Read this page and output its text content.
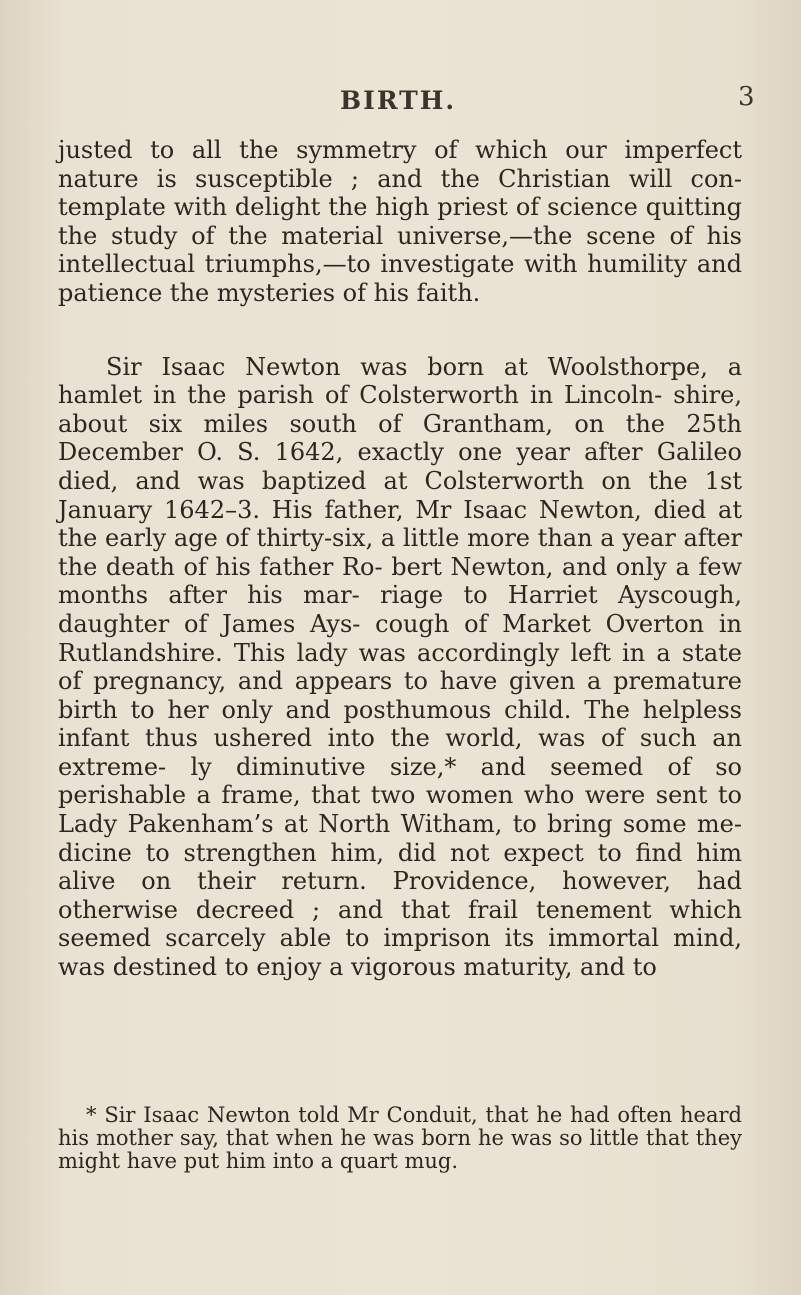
BIRTH.	3

justed to all the symmetry of which our imperfect nature is susceptible ; and the Christian will con- template with delight the high priest of science quitting the study of the material universe,—the scene of his intellectual triumphs,—to investigate with humility and patience the mysteries of his faith.

Sir Isaac Newton was born at Woolsthorpe, a hamlet in the parish of Colsterworth in Lincoln- shire, about six miles south of Grantham, on the 25th December O. S. 1642, exactly one year after Galileo died, and was baptized at Colsterworth on the 1st January 1642–3. His father, Mr Isaac Newton, died at the early age of thirty-six, a little more than a year after the death of his father Ro- bert Newton, and only a few months after his mar- riage to Harriet Ayscough, daughter of James Ays- cough of Market Overton in Rutlandshire. This lady was accordingly left in a state of pregnancy, and appears to have given a premature birth to her only and posthumous child. The helpless infant thus ushered into the world, was of such an extreme- ly diminutive size,* and seemed of so perishable a frame, that two women who were sent to Lady Pakenham’s at North Witham, to bring some me- dicine to strengthen him, did not expect to find him alive on their return. Providence, however, had otherwise decreed ; and that frail tenement which seemed scarcely able to imprison its immortal mind, was destined to enjoy a vigorous maturity, and to

* Sir Isaac Newton told Mr Conduit, that he had often heard his mother say, that when he was born he was so little that they might have put him into a quart mug.
